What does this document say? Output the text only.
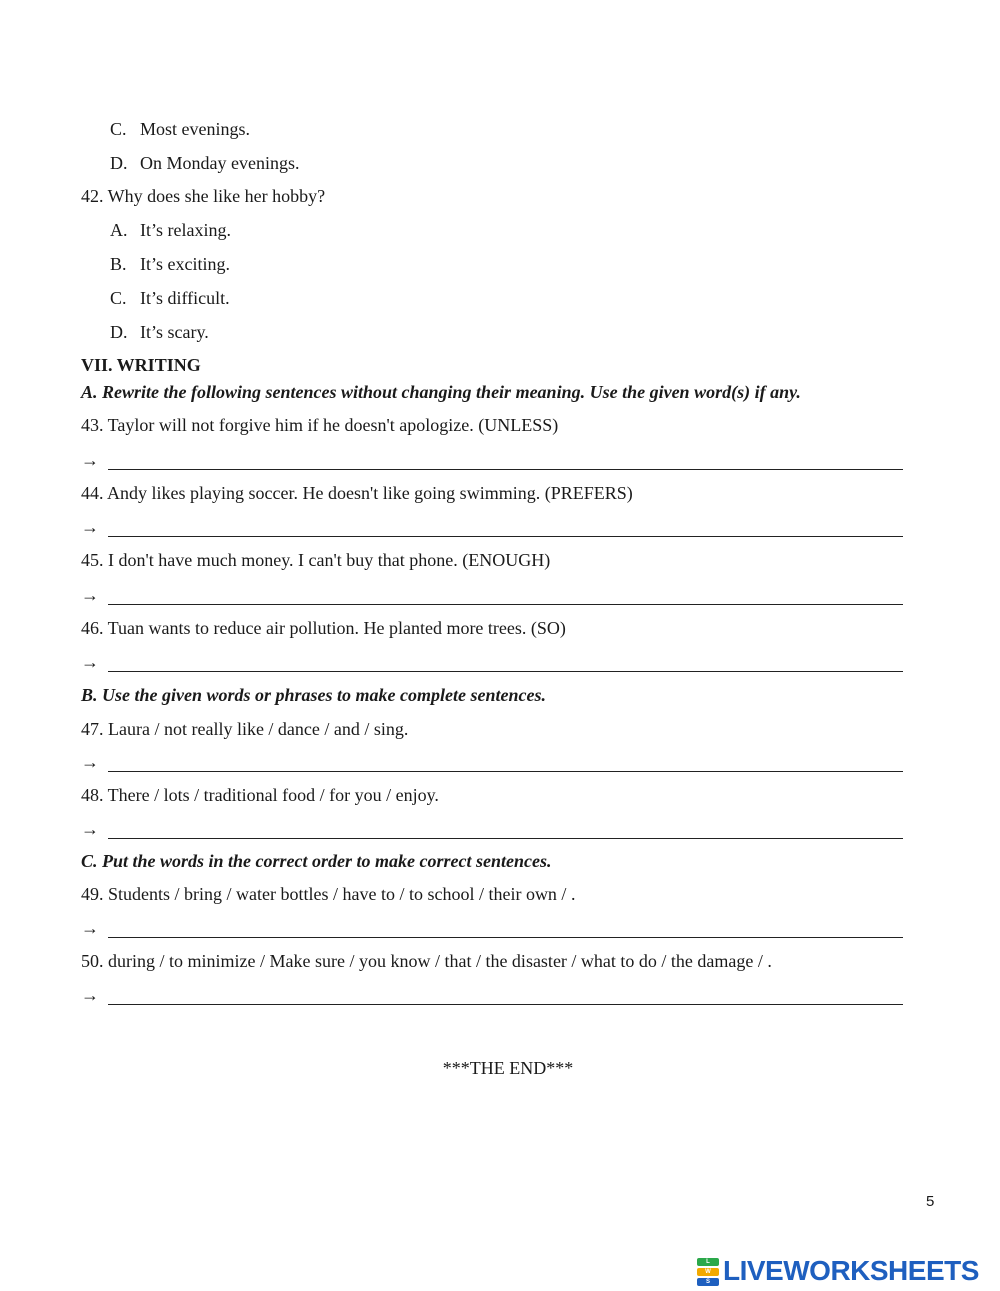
C. Most evenings.
D. On Monday evenings.
42. Why does she like her hobby?
A. It’s relaxing.
B. It’s exciting.
C. It’s difficult.
D. It’s scary.
VII. WRITING
A. Rewrite the following sentences without changing their meaning. Use the given word(s) if any.
43. Taylor will not forgive him if he doesn't apologize. (UNLESS)
→
44. Andy likes playing soccer. He doesn't like going swimming. (PREFERS)
→
45. I don't have much money. I can't buy that phone. (ENOUGH)
→
46. Tuan wants to reduce air pollution. He planted more trees. (SO)
→
B. Use the given words or phrases to make complete sentences.
47. Laura / not really like / dance / and / sing.
→
48. There / lots / traditional food / for you / enjoy.
→
C. Put the words in the correct order to make correct sentences.
49. Students / bring / water bottles / have to / to school / their own / .
→
50. during / to minimize / Make sure / you know / that / the disaster / what to do / the damage / .
→
***THE END***
5
L
W
S LIVEWORKSHEETS
